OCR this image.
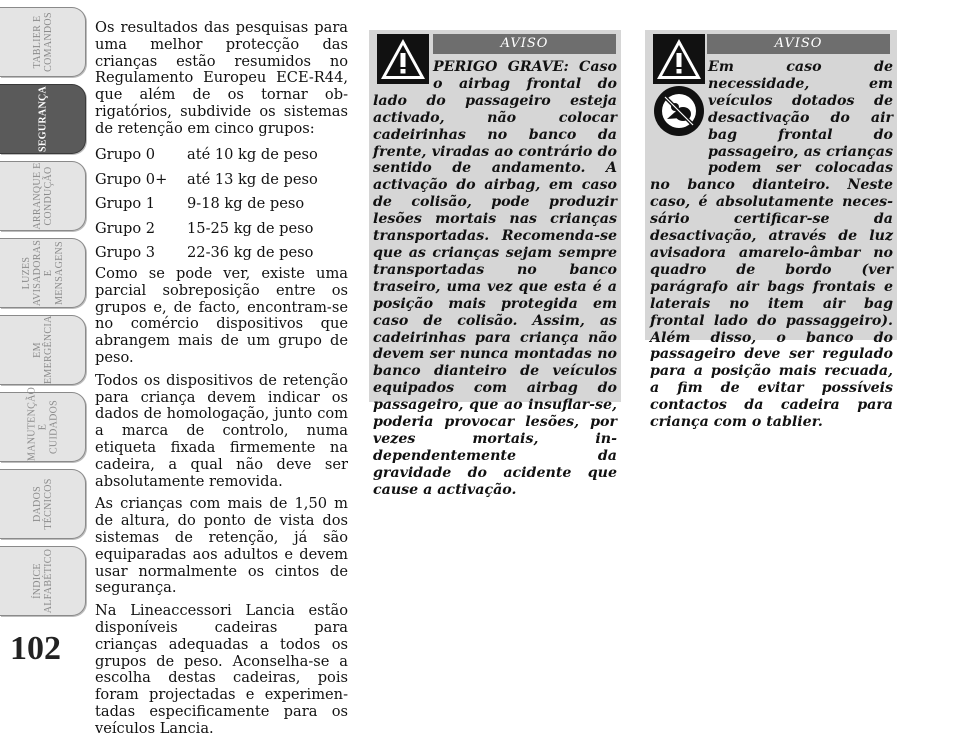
TABLIER E
COMANDOS
SEGURANÇA
ARRANQUE E
CONDUÇÃO
LUZES
AVISADORAS
E MENSAGENS
EM
EMERGÊNCIA
MANUTENÇÃO E
CUIDADOS
DADOS
TÉCNICOS
ÍNDICE
ALFABÉTICO
102

Os resultados das pesquisas para uma melhor protecção das crianças estão resumidos no Regulamento Europeu ECE-R44, que além de os tornar obrigatórios, subdivide os sistemas de retenção em cinco grupos:

Grupo 0	até 10 kg de peso
Grupo 0+	até 13 kg de peso
Grupo 1	9-18 kg de peso
Grupo 2	15-25 kg de peso
Grupo 3	22-36 kg de peso

Como se pode ver, existe uma parcial sobreposição entre os grupos e, de facto, encontram-se no comércio dispositivos que abrangem mais de um grupo de peso.

Todos os dispositivos de retenção para criança devem indicar os dados de homologação, junto com a marca de controlo, numa etiqueta fixada firmemente na cadeira, a qual não deve ser absolutamente removida.

As crianças com mais de 1,50 m de altura, do ponto de vista dos sistemas de retenção, já são equiparadas aos adultos e devem usar normalmente os cintos de segurança.

Na Lineaccessori Lancia estão disponíveis cadeiras para crianças adequadas a todos os grupos de peso. Aconselha-se a escolha destas cadeiras, pois foram projectadas e experimentadas especificamente para os veículos Lancia.

AVISO
PERIGO GRAVE: Caso o airbag frontal do lado do passageiro esteja activado, não colocar cadeirinhas no banco da frente, viradas ao contrário do sentido de andamento. A activação do airbag, em caso de colisão, pode produzir lesões mortais nas crianças transportadas. Recomenda-se que as crianças sejam sempre transportadas no banco traseiro, uma vez que esta é a posição mais protegida em caso de colisão. Assim, as cadeirinhas para criança não devem ser nunca montadas no banco dianteiro de veículos equipados com airbag do passageiro, que ao insuflar-se, poderia provocar lesões, por vezes mortais, independentemente da gravidade do acidente que cause a activação.
AVISO
Em caso de necessidade, em veículos dotados de desactivação do air bag frontal do passageiro, as crianças podem ser colocadas no banco dianteiro. Neste caso, é absolutamente necessário certificar-se da desactivação, através de luz avisadora amarelo-âmbar no quadro de bordo (ver parágrafo air bags frontais e laterais no item air bag frontal lado do passaggeiro). Além disso, o banco do passageiro deve ser regulado para a posição mais recuada, a fim de evitar possíveis contactos da cadeira para criança com o tablier.
